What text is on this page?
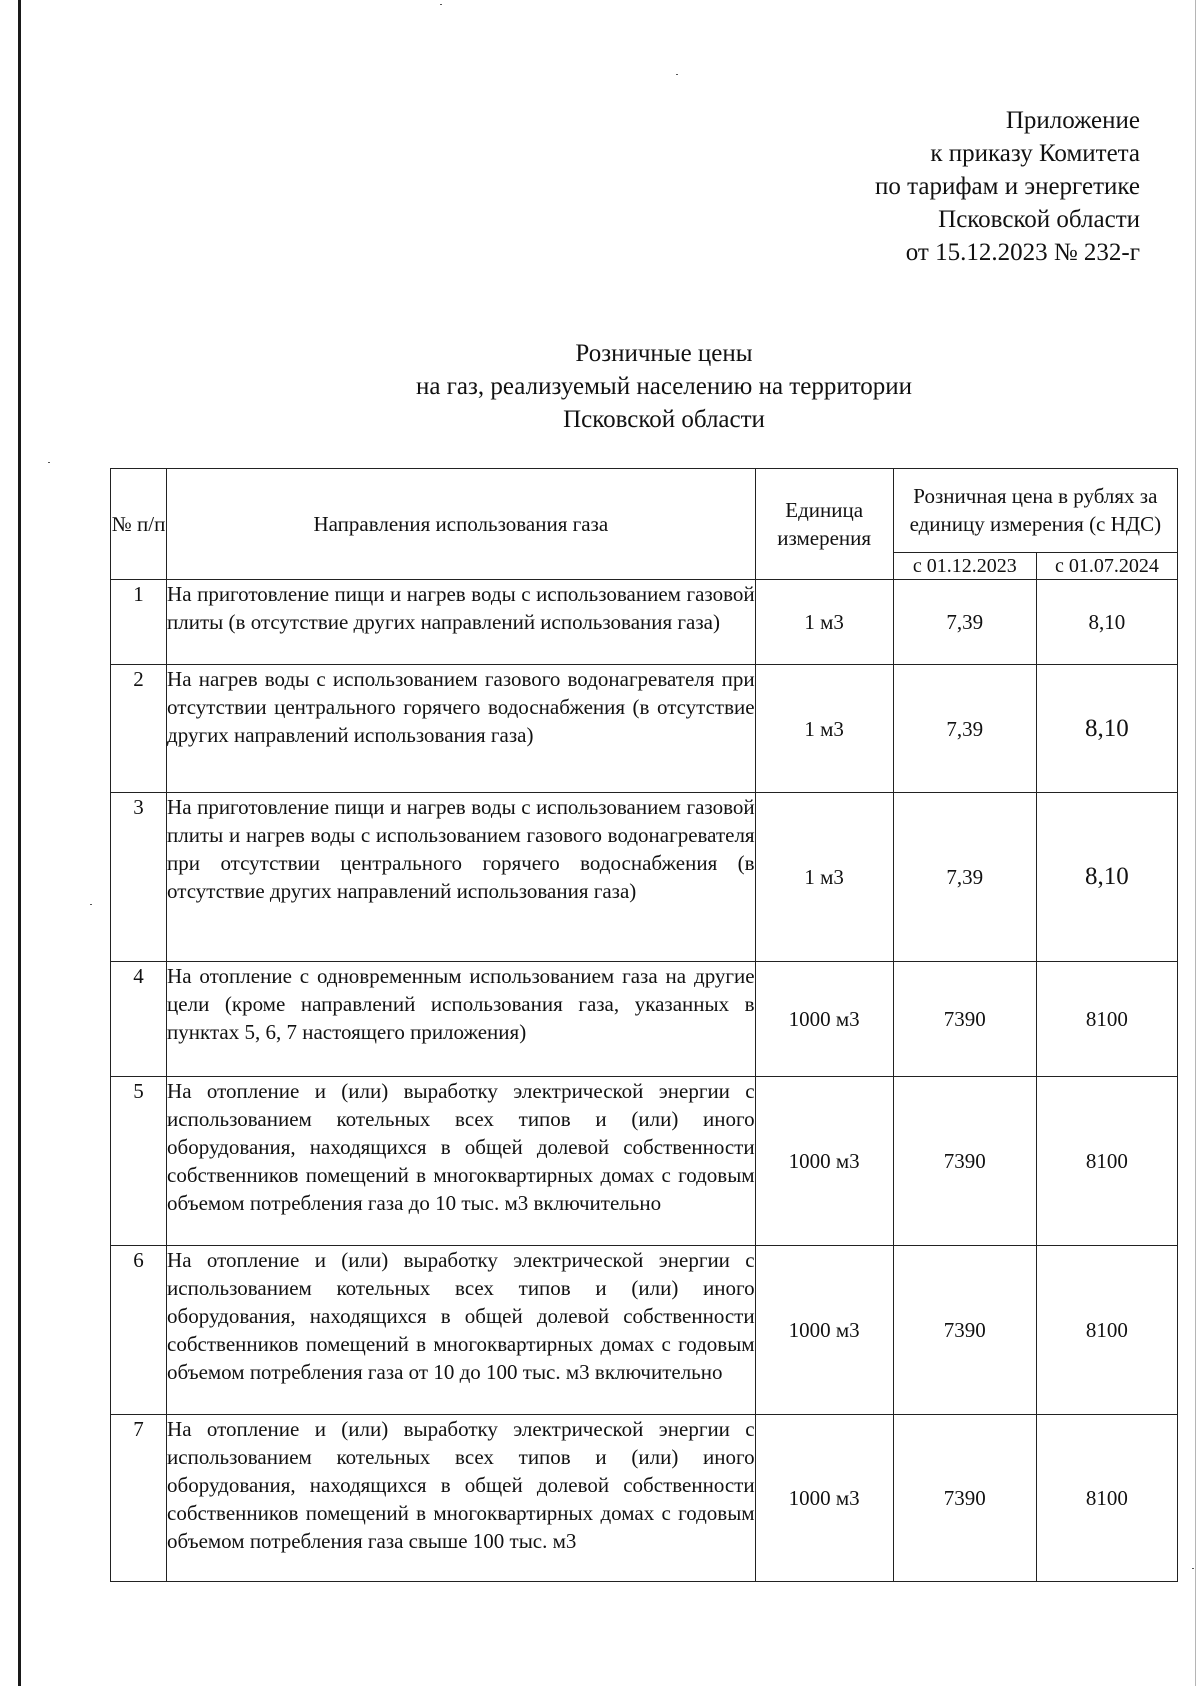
Приложение
к приказу Комитета
по тарифам и энергетике
Псковской области
от 15.12.2023 № 232-г
Розничные цены
на газ, реализуемый населению на территории
Псковской области
№ п/п	Направления использования газа	Единица измерения	Розничная цена в рублях за единицу измерения (с НДС)	
			с 01.12.2023	с 01.07.2024
1	На приготовление пищи и нагрев воды с использованием газовой плиты (в отсутствие других направлений использования газа)	1 м3	7,39	8,10
2	На нагрев воды с использованием газового водонагревателя при отсутствии центрального горячего водоснабжения (в отсутствие других направлений использования газа)	1 м3	7,39	8,10
3	На приготовление пищи и нагрев воды с использованием газовой плиты и нагрев воды с использованием газового водонагревателя при отсутствии центрального горячего водоснабжения (в отсутствие других направлений использования газа)	1 м3	7,39	8,10
4	На отопление с одновременным использованием газа на другие цели (кроме направлений использования газа, указанных в пунктах 5, 6, 7 настоящего приложения)	1000 м3	7390	8100
5	На отопление и (или) выработку электрической энергии с использованием котельных всех типов и (или) иного оборудования, находящихся в общей долевой собственности собственников помещений в многоквартирных домах с годовым объемом потребления газа до 10 тыс. м3 включительно	1000 м3	7390	8100
6	На отопление и (или) выработку электрической энергии с использованием котельных всех типов и (или) иного оборудования, находящихся в общей долевой собственности собственников помещений в многоквартирных домах с годовым объемом потребления газа от 10 до 100 тыс. м3 включительно	1000 м3	7390	8100
7	На отопление и (или) выработку электрической энергии с использованием котельных всех типов и (или) иного оборудования, находящихся в общей долевой собственности собственников помещений в многоквартирных домах с годовым объемом потребления газа свыше 100 тыс. м3	1000 м3	7390	8100
